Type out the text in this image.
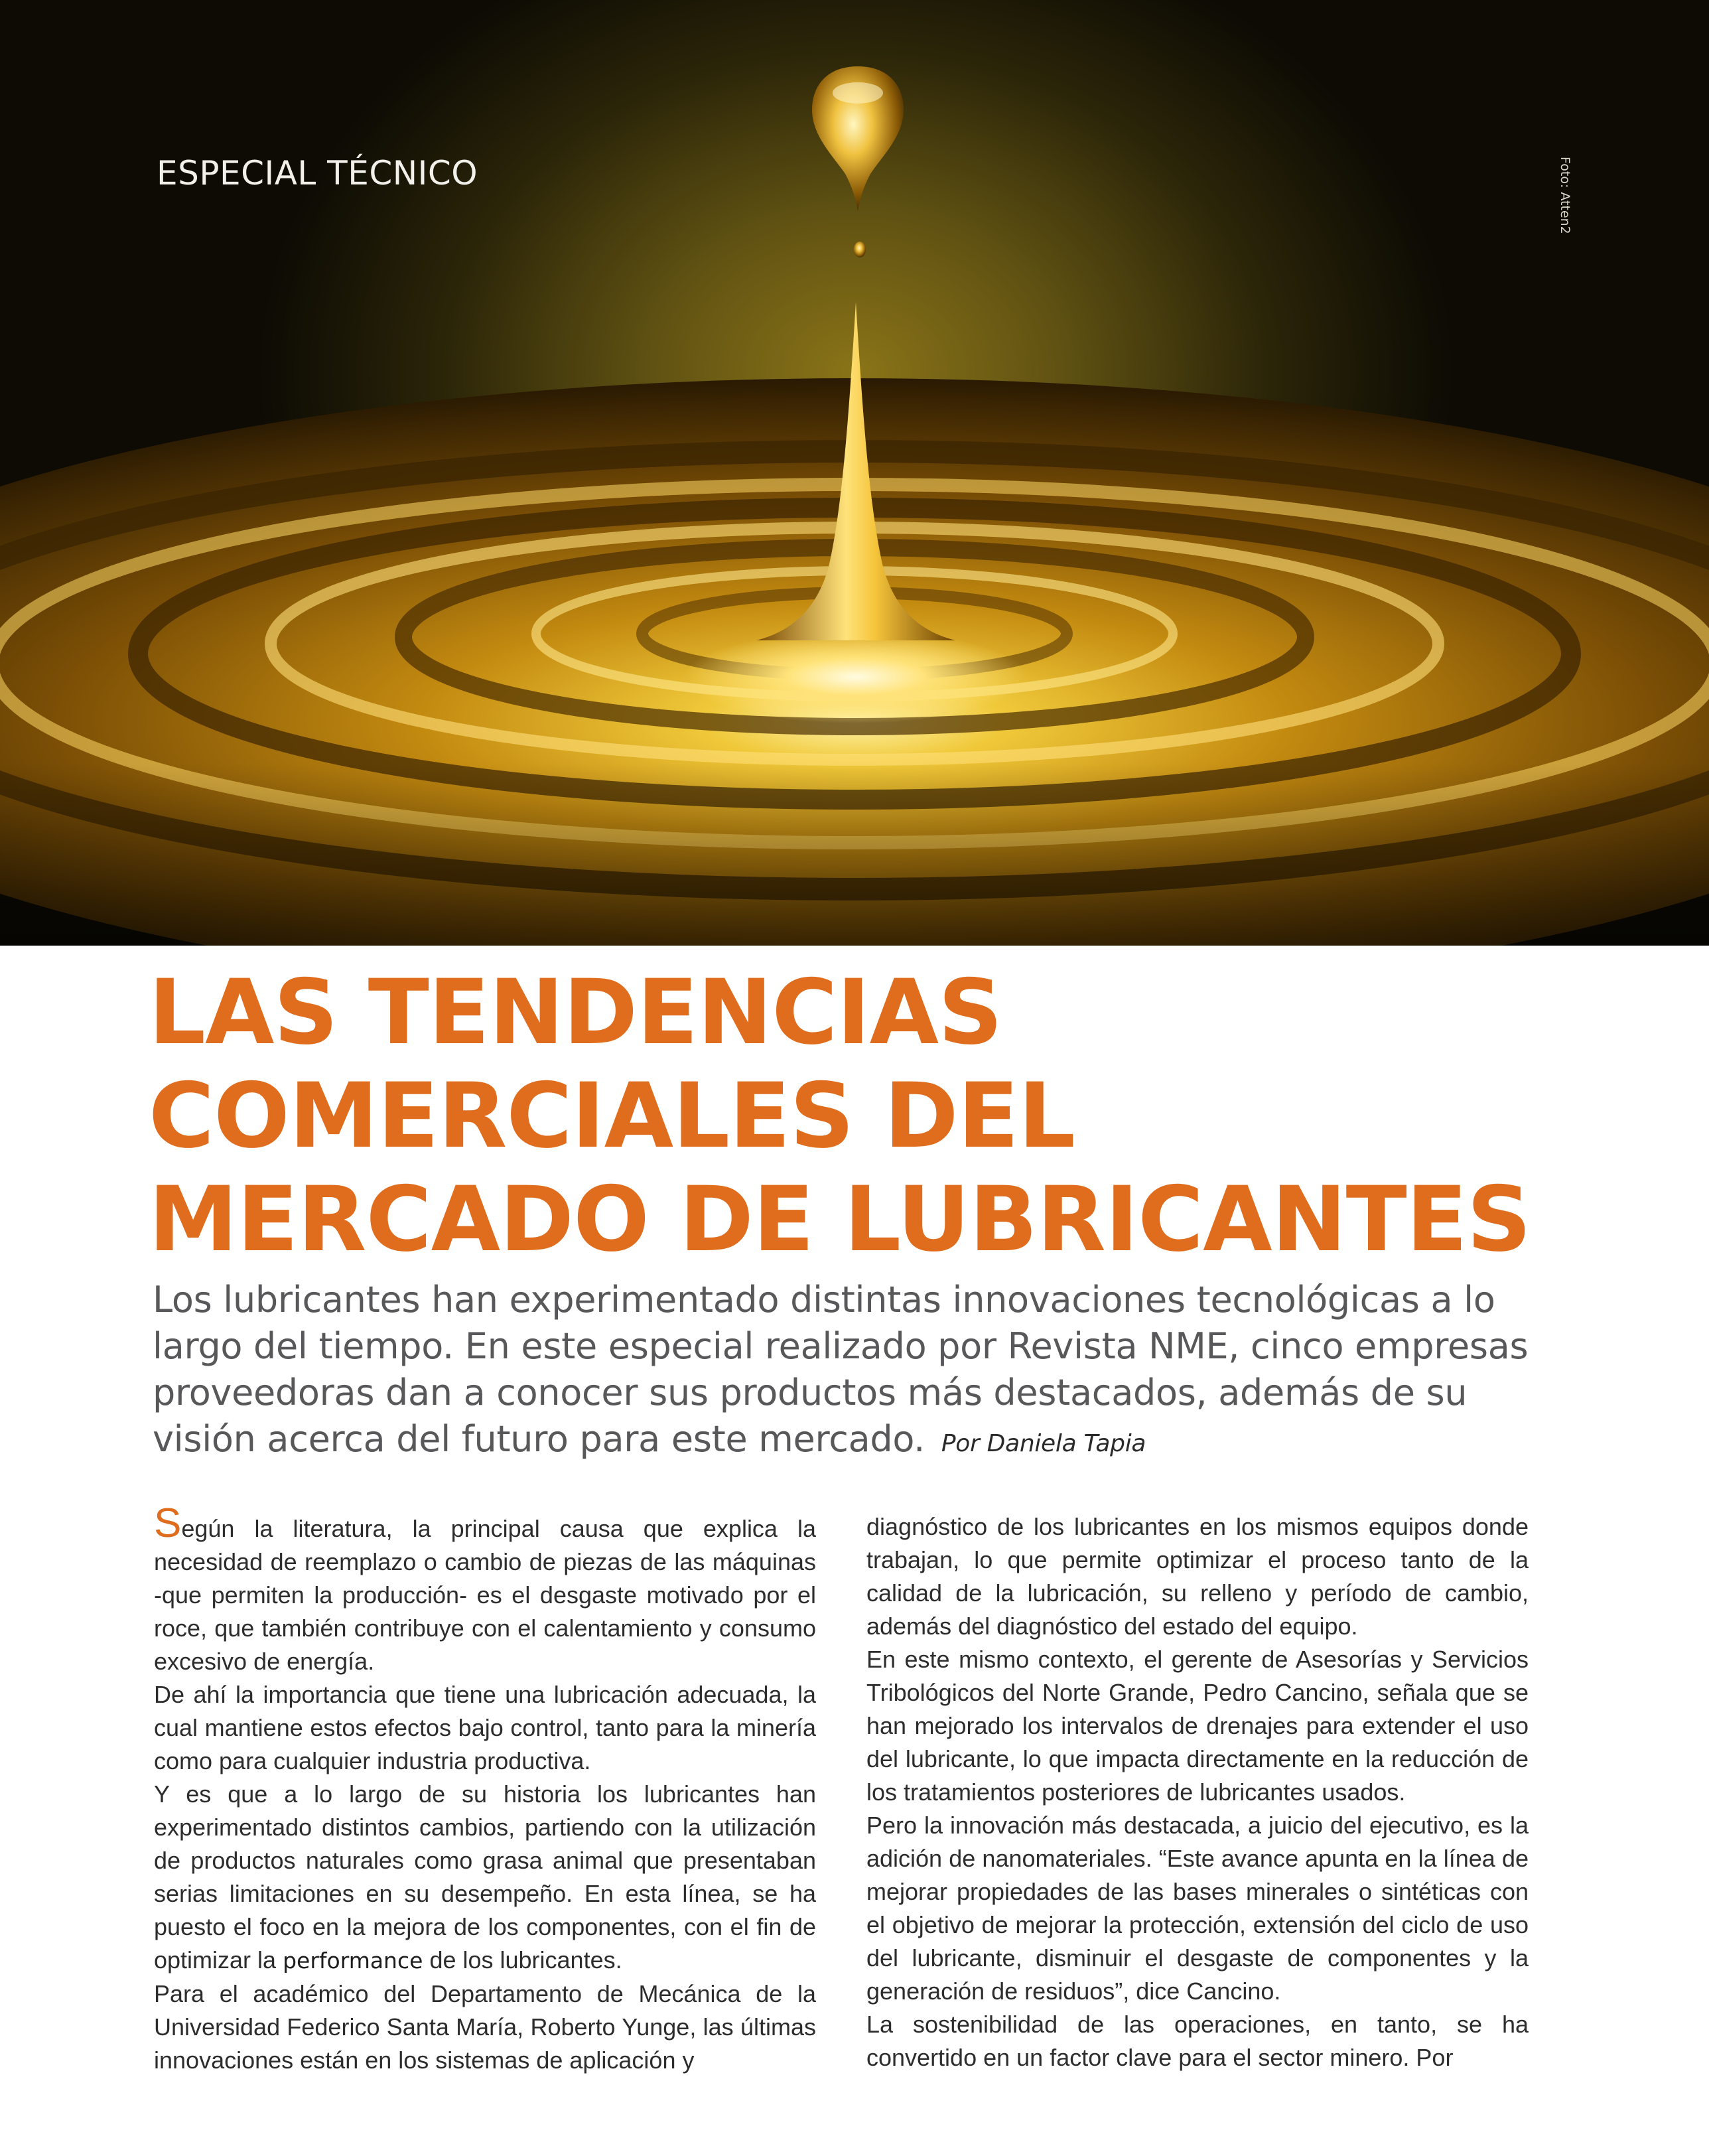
ESPECIAL TÉCNICO	Foto: Atten2
LAS TENDENCIAS
COMERCIALES DEL
MERCADO DE LUBRICANTES

Los lubricantes han experimentado distintas innovaciones tecnológicas a lo largo del tiempo. En este especial realizado por Revista NME, cinco empresas proveedoras dan a conocer sus productos más destacados, además de su visión acerca del futuro para este mercado. Por Daniela Tapia

Según la literatura, la principal causa que explica la necesidad de reemplazo o cambio de piezas de las máquinas -que permiten la producción- es el desgaste motivado por el roce, que también contribuye con el calentamiento y consumo excesivo de energía.

De ahí la importancia que tiene una lubricación adecuada, la cual mantiene estos efectos bajo control, tanto para la minería como para cualquier industria productiva.

Y es que a lo largo de su historia los lubricantes han experimentado distintos cambios, partiendo con la utilización de productos naturales como grasa animal que presentaban serias limitaciones en su desempeño. En esta línea, se ha puesto el foco en la mejora de los componentes, con el fin de optimizar la performance de los lubricantes.

Para el académico del Departamento de Mecánica de la Universidad Federico Santa María, Roberto Yunge, las últimas innovaciones están en los sistemas de aplicación y

diagnóstico de los lubricantes en los mismos equipos donde trabajan, lo que permite optimizar el proceso tanto de la calidad de la lubricación, su relleno y período de cambio, además del diagnóstico del estado del equipo.

En este mismo contexto, el gerente de Asesorías y Servicios Tribológicos del Norte Grande, Pedro Cancino, señala que se han mejorado los intervalos de drenajes para extender el uso del lubricante, lo que impacta directamente en la reducción de los tratamientos posteriores de lubricantes usados.

Pero la innovación más destacada, a juicio del ejecutivo, es la adición de nanomateriales. “Este avance apunta en la línea de mejorar propiedades de las bases minerales o sintéticas con el objetivo de mejorar la protección, extensión del ciclo de uso del lubricante, disminuir el desgaste de componentes y la generación de residuos”, dice Cancino.

La sostenibilidad de las operaciones, en tanto, se ha convertido en un factor clave para el sector minero. Por
